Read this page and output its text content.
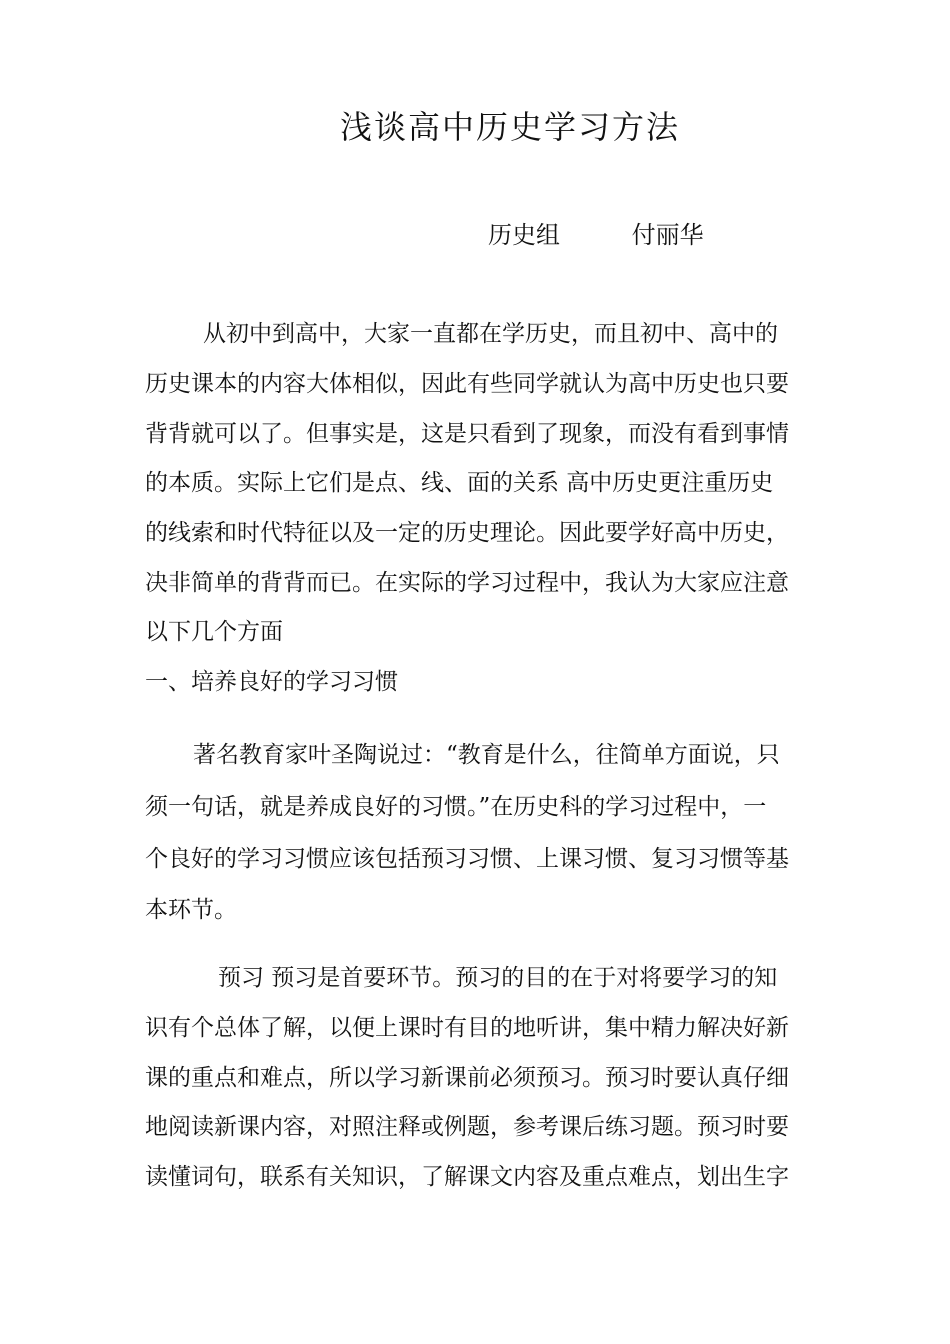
浅谈高中历史学习方法
历史组	付丽华
从初中到高中，大家一直都在学历史，而且初中、高中的
历史课本的内容大体相似，因此有些同学就认为高中历史也只要
背背就可以了。但事实是，这是只看到了现象，而没有看到事情
的本质。实际上它们是点、线、面的关系 高中历史更注重历史
的线索和时代特征以及一定的历史理论。因此要学好高中历史，
决非简单的背背而已。在实际的学习过程中，我认为大家应注意
以下几个方面
一、培养良好的学习习惯
著名教育家叶圣陶说过：“教育是什么，往简单方面说，只
须一句话，就是养成良好的习惯。”在历史科的学习过程中，一
个良好的学习习惯应该包括预习习惯、上课习惯、复习习惯等基
本环节。
预习 预习是首要环节。预习的目的在于对将要学习的知
识有个总体了解，以便上课时有目的地听讲，集中精力解决好新
课的重点和难点，所以学习新课前必须预习。预习时要认真仔细
地阅读新课内容，对照注释或例题，参考课后练习题。预习时要
读懂词句，联系有关知识，了解课文内容及重点难点，划出生字
